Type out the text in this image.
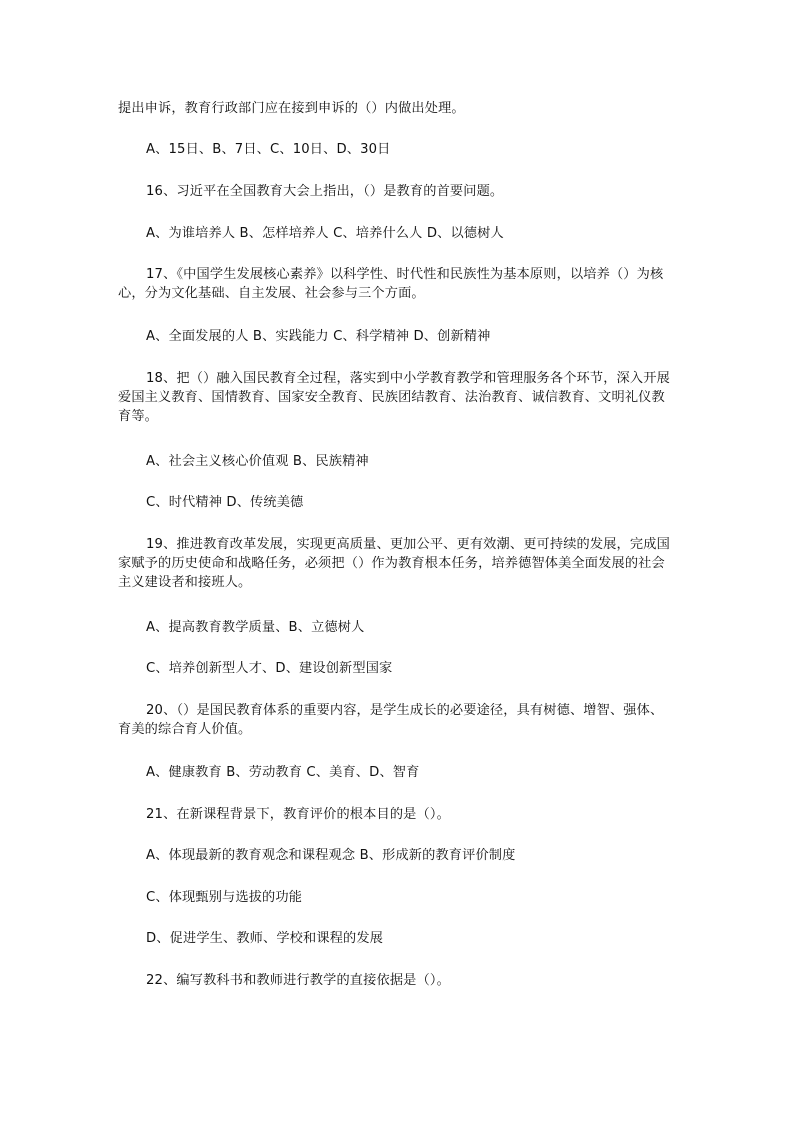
提出申诉，教育行政部门应在接到申诉的（）内做出处理。
A、15日、B、7日、C、10日、D、30日
16、习近平在全国教育大会上指出，（）是教育的首要问题。
A、为谁培养人 B、怎样培养人 C、培养什么人 D、以德树人
17、《中国学生发展核心素养》以科学性、时代性和民族性为基本原则，以培养（）为核心，分为文化基础、自主发展、社会参与三个方面。
A、全面发展的人 B、实践能力 C、科学精神 D、创新精神
18、把（）融入国民教育全过程，落实到中小学教育教学和管理服务各个环节，深入开展爱国主义教育、国情教育、国家安全教育、民族团结教育、法治教育、诚信教育、文明礼仪教育等。
A、社会主义核心价值观 B、民族精神
C、时代精神 D、传统美德
19、推进教育改革发展，实现更高质量、更加公平、更有效潮、更可持续的发展，完成国家赋予的历史使命和战略任务，必须把（）作为教育根本任务，培养德智体美全面发展的社会主义建设者和接班人。
A、提高教育教学质量、B、立德树人
C、培养创新型人才、D、建设创新型国家
20、（）是国民教育体系的重要内容，是学生成长的必要途径，具有树德、增智、强体、育美的综合育人价值。
A、健康教育 B、劳动教育 C、美育、D、智育
21、在新课程背景下，教育评价的根本目的是（）。
A、体现最新的教育观念和课程观念 B、形成新的教育评价制度
C、体现甄别与选拔的功能
D、促进学生、教师、学校和课程的发展
22、编写教科书和教师进行教学的直接依据是（）。
